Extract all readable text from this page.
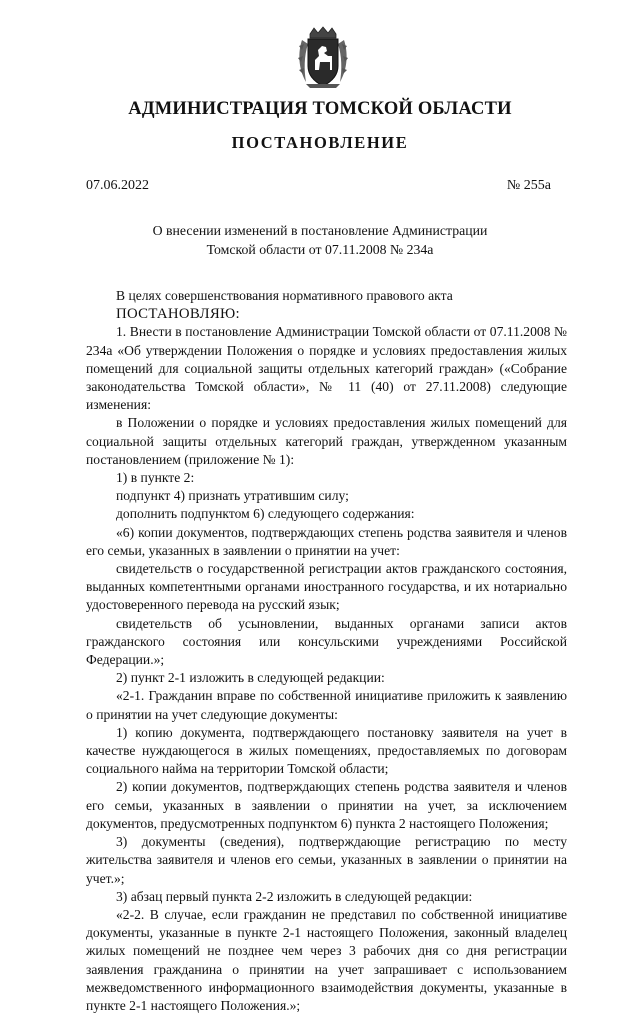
АДМИНИСТРАЦИЯ ТОМСКОЙ ОБЛАСТИ
ПОСТАНОВЛЕНИЕ
07.06.2022	№ 255а
О внесении изменений в постановление Администрации
Томской области от 07.11.2008 № 234а

В целях совершенствования нормативного правового акта

ПОСТАНОВЛЯЮ:

1. Внести в постановление Администрации Томской области от 07.11.2008 № 234а «Об утверждении Положения о порядке и условиях предоставления жилых помещений для социальной защиты отдельных категорий граждан» («Собрание законодательства Томской области», № 11 (40) от 27.11.2008) следующие изменения:

в Положении о порядке и условиях предоставления жилых помещений для социальной защиты отдельных категорий граждан, утвержденном указанным постановлением (приложение № 1):

1) в пункте 2:

подпункт 4) признать утратившим силу;

дополнить подпунктом 6) следующего содержания:

«6) копии документов, подтверждающих степень родства заявителя и членов его семьи, указанных в заявлении о принятии на учет:

свидетельств о государственной регистрации актов гражданского состояния, выданных компетентными органами иностранного государства, и их нотариально удостоверенного перевода на русский язык;

свидетельств об усыновлении, выданных органами записи актов гражданского состояния или консульскими учреждениями Российской Федерации.»;

2) пункт 2-1 изложить в следующей редакции:

«2-1. Гражданин вправе по собственной инициативе приложить к заявлению о принятии на учет следующие документы:

1) копию документа, подтверждающего постановку заявителя на учет в качестве нуждающегося в жилых помещениях, предоставляемых по договорам социального найма на территории Томской области;

2) копии документов, подтверждающих степень родства заявителя и членов его семьи, указанных в заявлении о принятии на учет, за исключением документов, предусмотренных подпунктом 6) пункта 2 настоящего Положения;

3) документы (сведения), подтверждающие регистрацию по месту жительства заявителя и членов его семьи, указанных в заявлении о принятии на учет.»;

3) абзац первый пункта 2-2 изложить в следующей редакции:

«2-2. В случае, если гражданин не представил по собственной инициативе документы, указанные в пункте 2-1 настоящего Положения, законный владелец жилых помещений не позднее чем через 3 рабочих дня со дня регистрации заявления гражданина о принятии на учет запрашивает с использованием межведомственного информационного взаимодействия документы, указанные в пункте 2-1 настоящего Положения.»;
